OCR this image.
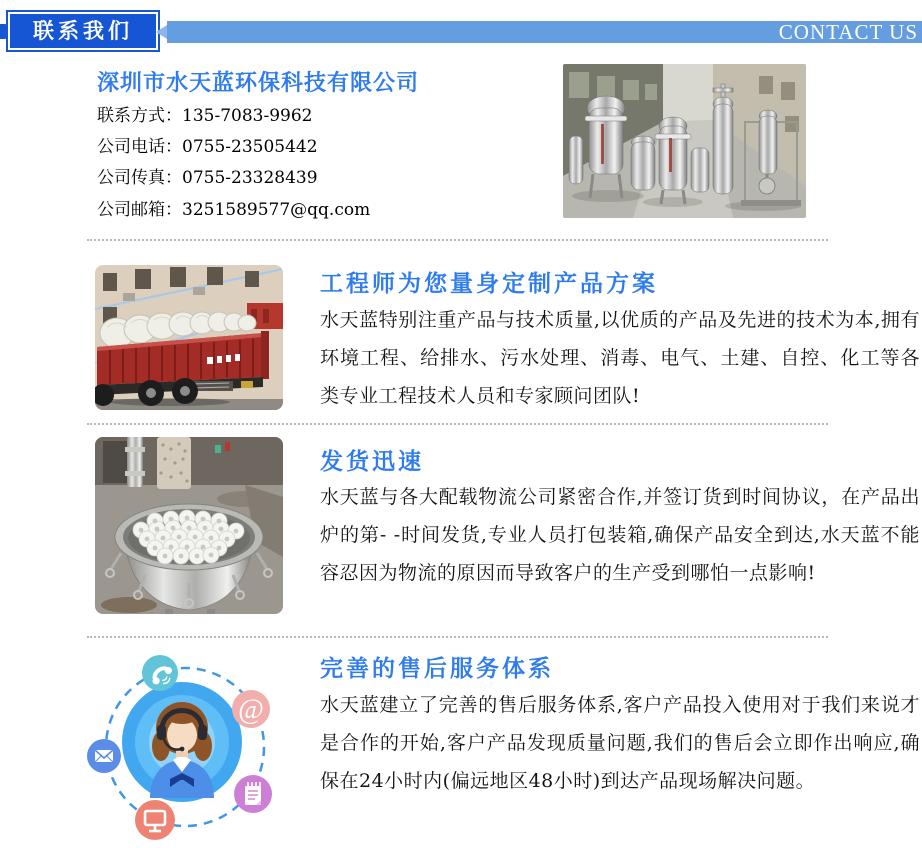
联系我们	CONTACT US
深圳市水天蓝环保科技有限公司
联系方式：135-7083-9962
公司电话：0755-23505442
公司传真：0755-23328439
公司邮箱：3251589577@qq.com
工程师为您量身定制产品方案
水天蓝特别注重产品与技术质量,以优质的产品及先进的技术为本,拥有环境工程、给排水、污水处理、消毒、电气、土建、自控、化工等各类专业工程技术人员和专家顾问团队!
发货迅速
水天蓝与各大配载物流公司紧密合作,并签订货到时间协议，在产品出炉的第- -时间发货,专业人员打包装箱,确保产品安全到达,水天蓝不能容忍因为物流的原因而导致客户的生产受到哪怕一点影响!
@
完善的售后服务体系
水天蓝建立了完善的售后服务体系,客户产品投入使用对于我们来说才是合作的开始,客户产品发现质量问题,我们的售后会立即作出响应,确保在24小时内(偏远地区48小时)到达产品现场解决问题。
